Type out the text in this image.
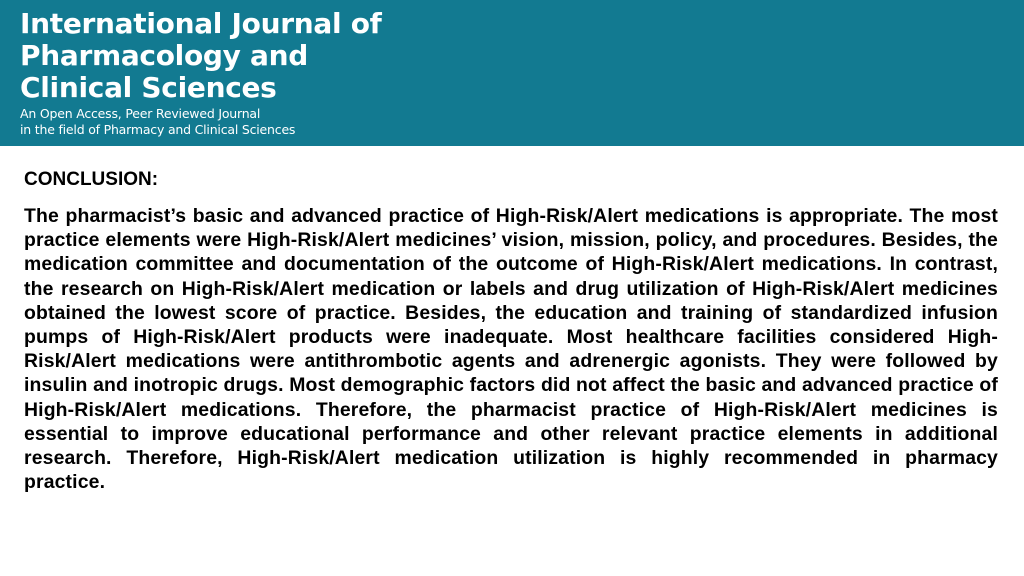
International Journal of
Pharmacology and
Clinical Sciences
An Open Access, Peer Reviewed Journal
in the field of Pharmacy and Clinical Sciences
CONCLUSION:

The pharmacist’s basic and advanced practice of High-Risk/Alert medications is appropriate. The most practice elements were High-Risk/Alert medicines’ vision, mission, policy, and procedures. Besides, the medication committee and documentation of the outcome of High-Risk/Alert medications. In contrast, the research on High-Risk/Alert medication or labels and drug utilization of High-Risk/Alert medicines obtained the lowest score of practice. Besides, the education and training of standardized infusion pumps of High-Risk/Alert products were inadequate. Most healthcare facilities considered High-Risk/Alert medications were antithrombotic agents and adrenergic agonists. They were followed by insulin and inotropic drugs. Most demographic factors did not affect the basic and advanced practice of High-Risk/Alert medications. Therefore, the pharmacist practice of High-Risk/Alert medicines is essential to improve educational performance and other relevant practice elements in additional research. Therefore, High-Risk/Alert medication utilization is highly recommended in pharmacy practice.
